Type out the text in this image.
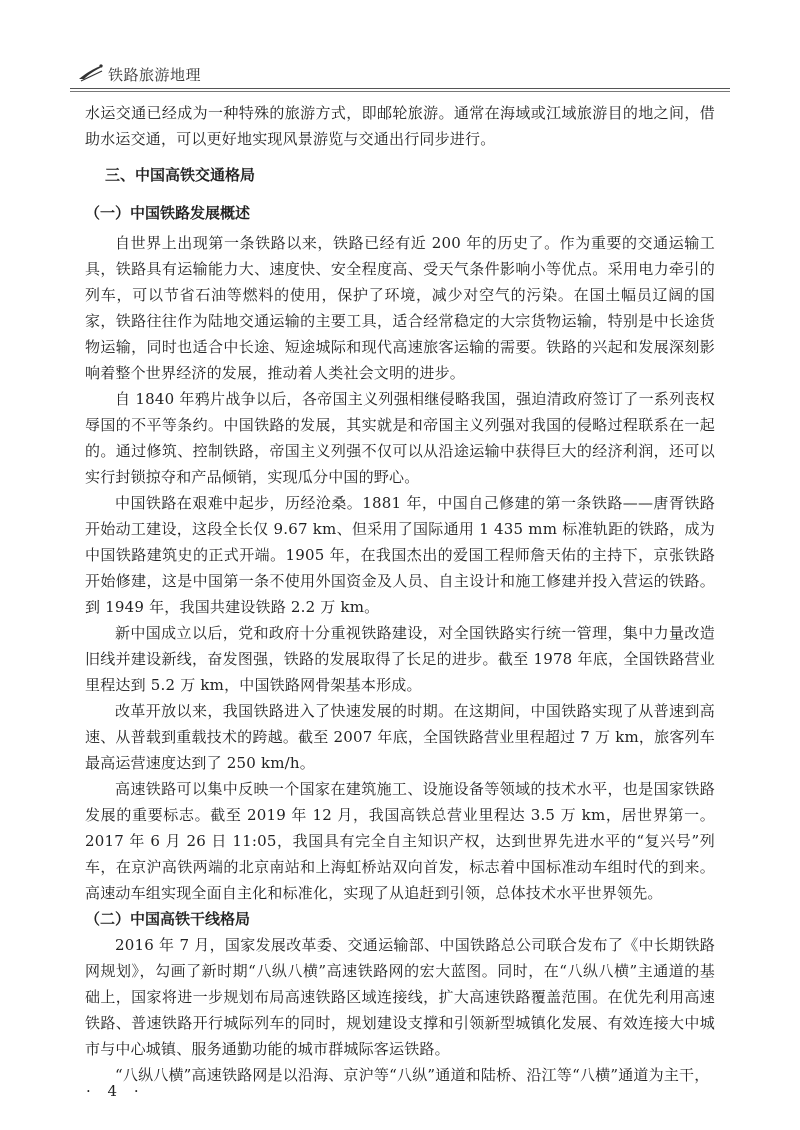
铁路旅游地理

水运交通已经成为一种特殊的旅游方式，即邮轮旅游。通常在海域或江域旅游目的地之间，借助水运交通，可以更好地实现风景游览与交通出行同步进行。

三、中国高铁交通格局
（一）中国铁路发展概述

自世界上出现第一条铁路以来，铁路已经有近 200 年的历史了。作为重要的交通运输工具，铁路具有运输能力大、速度快、安全程度高、受天气条件影响小等优点。采用电力牵引的列车，可以节省石油等燃料的使用，保护了环境，减少对空气的污染。在国土幅员辽阔的国家，铁路往往作为陆地交通运输的主要工具，适合经常稳定的大宗货物运输，特别是中长途货物运输，同时也适合中长途、短途城际和现代高速旅客运输的需要。铁路的兴起和发展深刻影响着整个世界经济的发展，推动着人类社会文明的进步。

自 1840 年鸦片战争以后，各帝国主义列强相继侵略我国，强迫清政府签订了一系列丧权辱国的不平等条约。中国铁路的发展，其实就是和帝国主义列强对我国的侵略过程联系在一起的。通过修筑、控制铁路，帝国主义列强不仅可以从沿途运输中获得巨大的经济利润，还可以实行封锁掠夺和产品倾销，实现瓜分中国的野心。

中国铁路在艰难中起步，历经沧桑。1881 年，中国自己修建的第一条铁路——唐胥铁路开始动工建设，这段全长仅 9.67 km、但采用了国际通用 1 435 mm 标准轨距的铁路，成为中国铁路建筑史的正式开端。1905 年，在我国杰出的爱国工程师詹天佑的主持下，京张铁路开始修建，这是中国第一条不使用外国资金及人员、自主设计和施工修建并投入营运的铁路。到 1949 年，我国共建设铁路 2.2 万 km。

新中国成立以后，党和政府十分重视铁路建设，对全国铁路实行统一管理，集中力量改造旧线并建设新线，奋发图强，铁路的发展取得了长足的进步。截至 1978 年底，全国铁路营业里程达到 5.2 万 km，中国铁路网骨架基本形成。

改革开放以来，我国铁路进入了快速发展的时期。在这期间，中国铁路实现了从普速到高速、从普载到重载技术的跨越。截至 2007 年底，全国铁路营业里程超过 7 万 km，旅客列车最高运营速度达到了 250 km/h。

高速铁路可以集中反映一个国家在建筑施工、设施设备等领域的技术水平，也是国家铁路发展的重要标志。截至 2019 年 12 月，我国高铁总营业里程达 3.5 万 km，居世界第一。2017 年 6 月 26 日 11:05，我国具有完全自主知识产权，达到世界先进水平的“复兴号”列车，在京沪高铁两端的北京南站和上海虹桥站双向首发，标志着中国标准动车组时代的到来。高速动车组实现全面自主化和标准化，实现了从追赶到引领，总体技术水平世界领先。

（二）中国高铁干线格局

2016 年 7 月，国家发展改革委、交通运输部、中国铁路总公司联合发布了《中长期铁路网规划》，勾画了新时期“八纵八横”高速铁路网的宏大蓝图。同时，在“八纵八横”主通道的基础上，国家将进一步规划布局高速铁路区域连接线，扩大高速铁路覆盖范围。在优先利用高速铁路、普速铁路开行城际列车的同时，规划建设支撑和引领新型城镇化发展、有效连接大中城市与中心城镇、服务通勤功能的城市群城际客运铁路。

“八纵八横”高速铁路网是以沿海、京沪等“八纵”通道和陆桥、沿江等“八横”通道为主干，

· 4 ·
